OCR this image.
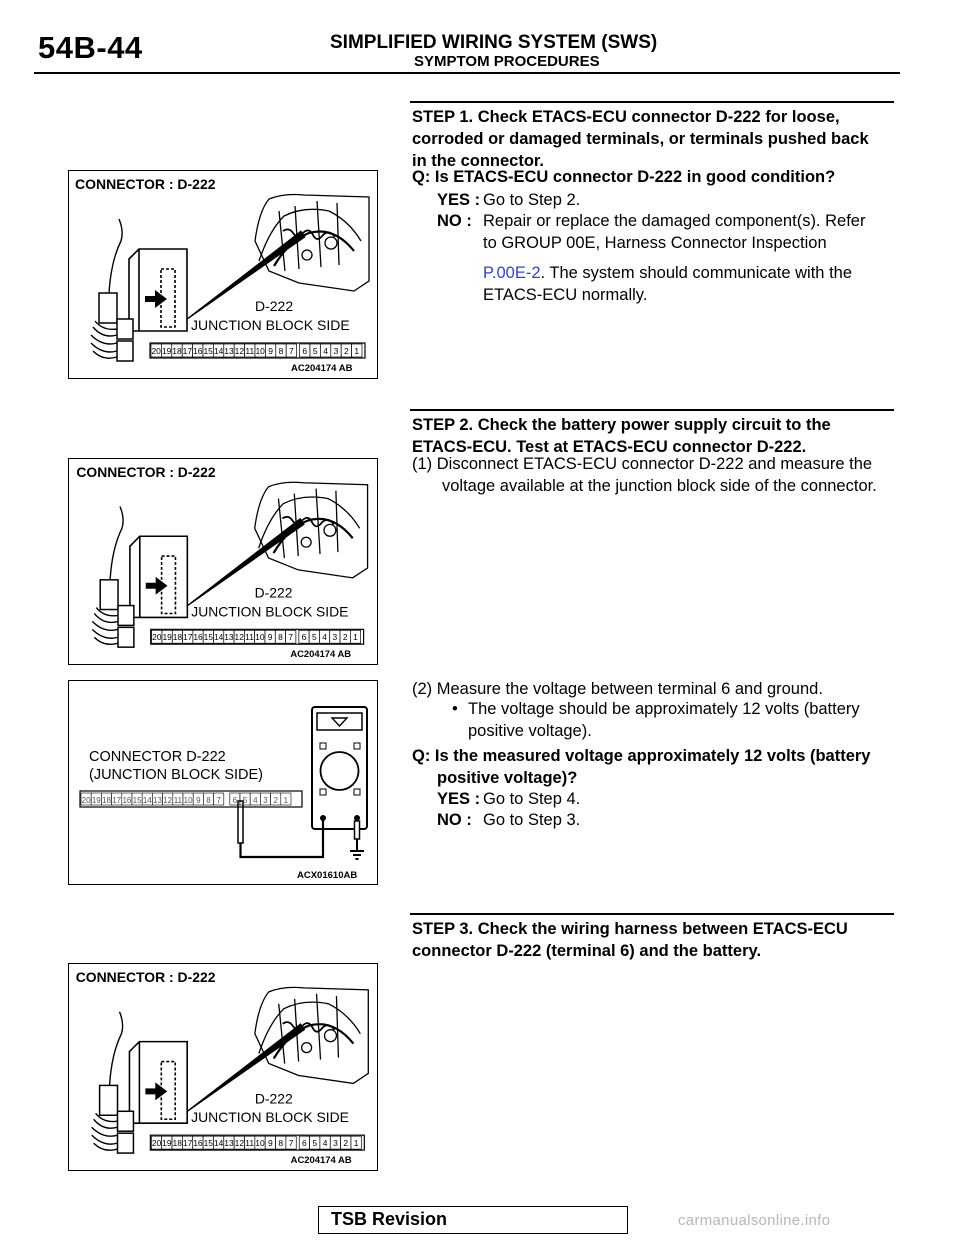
54B-44	SIMPLIFIED WIRING SYSTEM (SWS)
SYMPTOM PROCEDURES
STEP 1. Check ETACS-ECU connector D-222 for loose,
corroded or damaged terminals, or terminals pushed back
in the connector.
Q: Is ETACS-ECU connector D-222 in good condition?
YES : Go to Step 2.
NO : Repair or replace the damaged component(s). Refer
to GROUP 00E, Harness Connector Inspection
P.00E-2. The system should communicate with the
ETACS-ECU normally.
STEP 2. Check the battery power supply circuit to the
ETACS-ECU. Test at ETACS-ECU connector D-222.
(1) Disconnect ETACS-ECU connector D-222 and measure the
voltage available at the junction block side of the connector.
(2) Measure the voltage between terminal 6 and ground.
• The voltage should be approximately 12 volts (battery
positive voltage).
Q: Is the measured voltage approximately 12 volts (battery
positive voltage)?
YES : Go to Step 4.
NO : Go to Step 3.
STEP 3. Check the wiring harness between ETACS-ECU
connector D-222 (terminal 6) and the battery.
CONNECTOR : D-222
D-222
JUNCTION BLOCK SIDE
20 19 18 17 16 15 14 13 12 11 10 9 8 7 6 5 4 3 2 1
AC204174 AB
CONNECTOR : D-222
D-222
JUNCTION BLOCK SIDE
20 19 18 17 16 15 14 13 12 11 10 9 8 7 6 5 4 3 2 1
AC204174 AB
CONNECTOR : D-222
D-222
JUNCTION BLOCK SIDE
20 19 18 17 16 15 14 13 12 11 10 9 8 7 6 5 4 3 2 1
AC204174 AB
CONNECTOR D-222
(JUNCTION BLOCK SIDE)
20 19 18 17 16 15 14 13 12 11 10 9 8 7 6 5 4 3 2 1
ACX01610AB
TSB Revision	carmanualsonline.info
